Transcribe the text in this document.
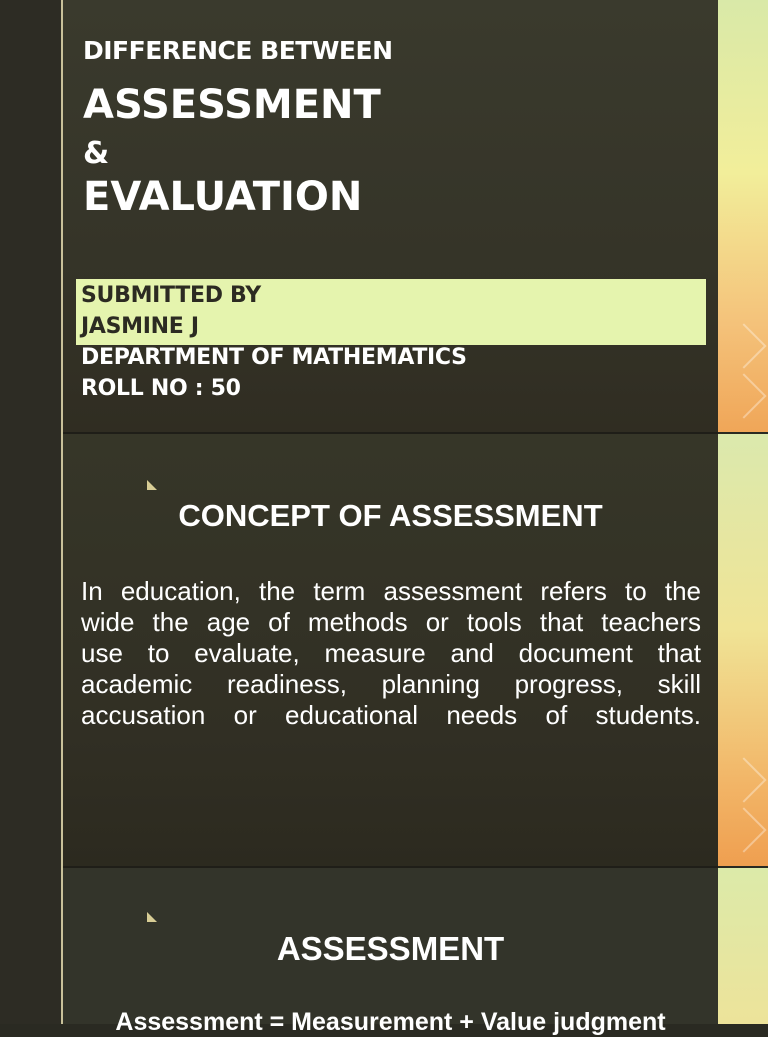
DIFFERENCE BETWEEN
ASSESSMENT
&
EVALUATION

SUBMITTED BY

JASMINE J

DEPARTMENT OF MATHEMATICS

ROLL NO : 50

CONCEPT OF ASSESSMENT
In education, the term assessment refers to the
wide the age of methods or tools that teachers
use to evaluate, measure and document that
academic readiness, planning progress, skill
accusation or educational needs of students.
ASSESSMENT

Assessment = Measurement + Value judgment
